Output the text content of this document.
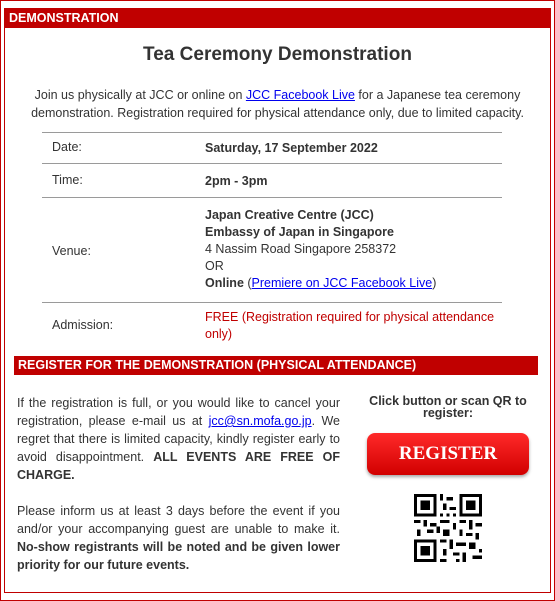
DEMONSTRATION
Tea Ceremony Demonstration
Join us physically at JCC or online on JCC Facebook Live for a Japanese tea ceremony demonstration. Registration required for physical attendance only, due to limited capacity.
Date:	Saturday, 17 September 2022
Time:	2pm - 3pm
Venue:
Japan Creative Centre (JCC)
Embassy of Japan in Singapore
4 Nassim Road Singapore 258372
OR
Online (Premiere on JCC Facebook Live)
Admission:
FREE (Registration required for physical attendance only)
REGISTER FOR THE DEMONSTRATION (PHYSICAL ATTENDANCE)

If the registration is full, or you would like to cancel your registration, please e-mail us at jcc@sn.mofa.go.jp. We regret that there is limited capacity, kindly register early to avoid disappointment. ALL EVENTS ARE FREE OF CHARGE.

Please inform us at least 3 days before the event if you and/or your accompanying guest are unable to make it. No-show registrants will be noted and be given lower priority for our future events.

Click button or scan QR to
register:
REGISTER
